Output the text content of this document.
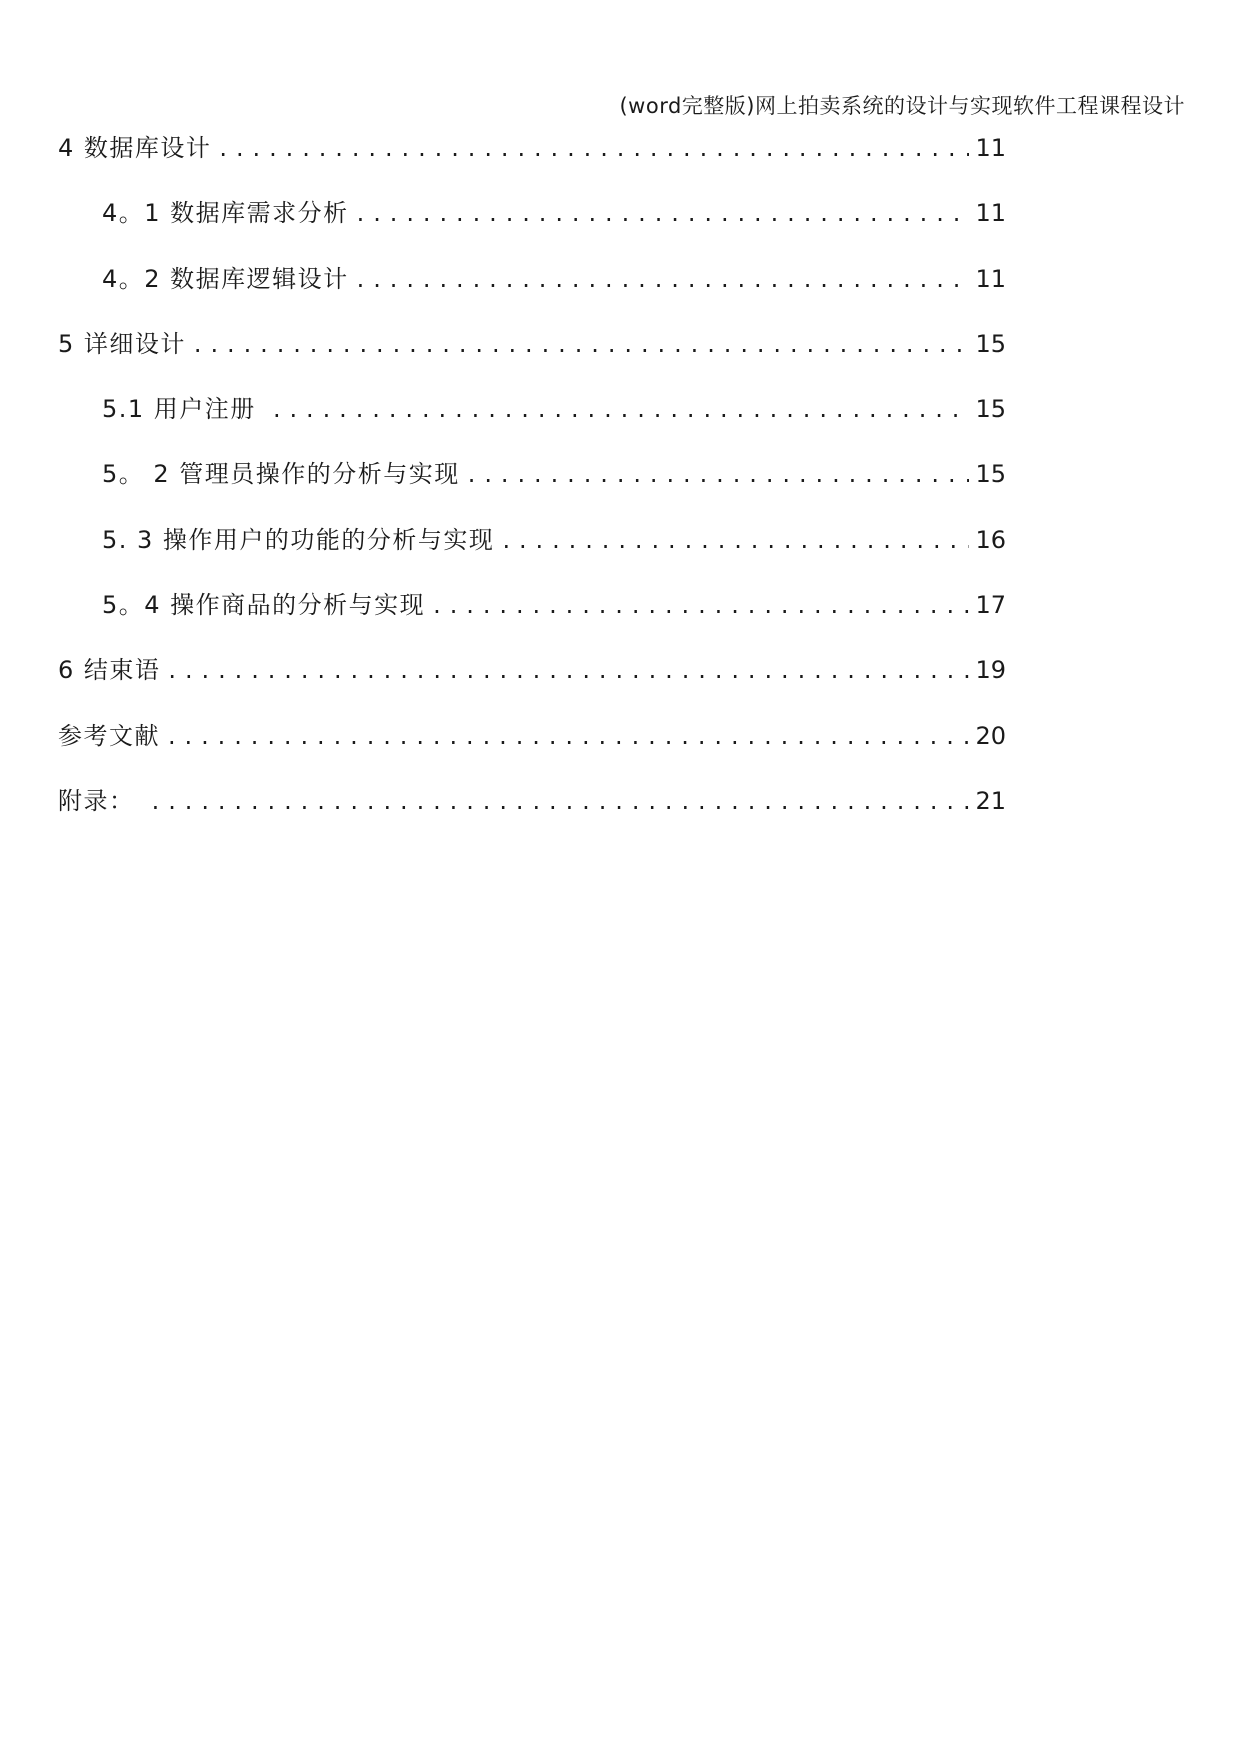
(word完整版)网上拍卖系统的设计与实现软件工程课程设计
4 数据库设计 . . .	11
4。1 数据库需求分析 . . .	11
4。2 数据库逻辑设计 . . .	11
5 详细设计 . . .	15
5.1 用户注册 . . .	15
5。 2 管理员操作的分析与实现 . . .	15
5. 3 操作用户的功能的分析与实现 . . .	16
5。4 操作商品的分析与实现 . . .	17
6 结束语 . . .	19
参考文献 . . .	20
附录： . . .	21
